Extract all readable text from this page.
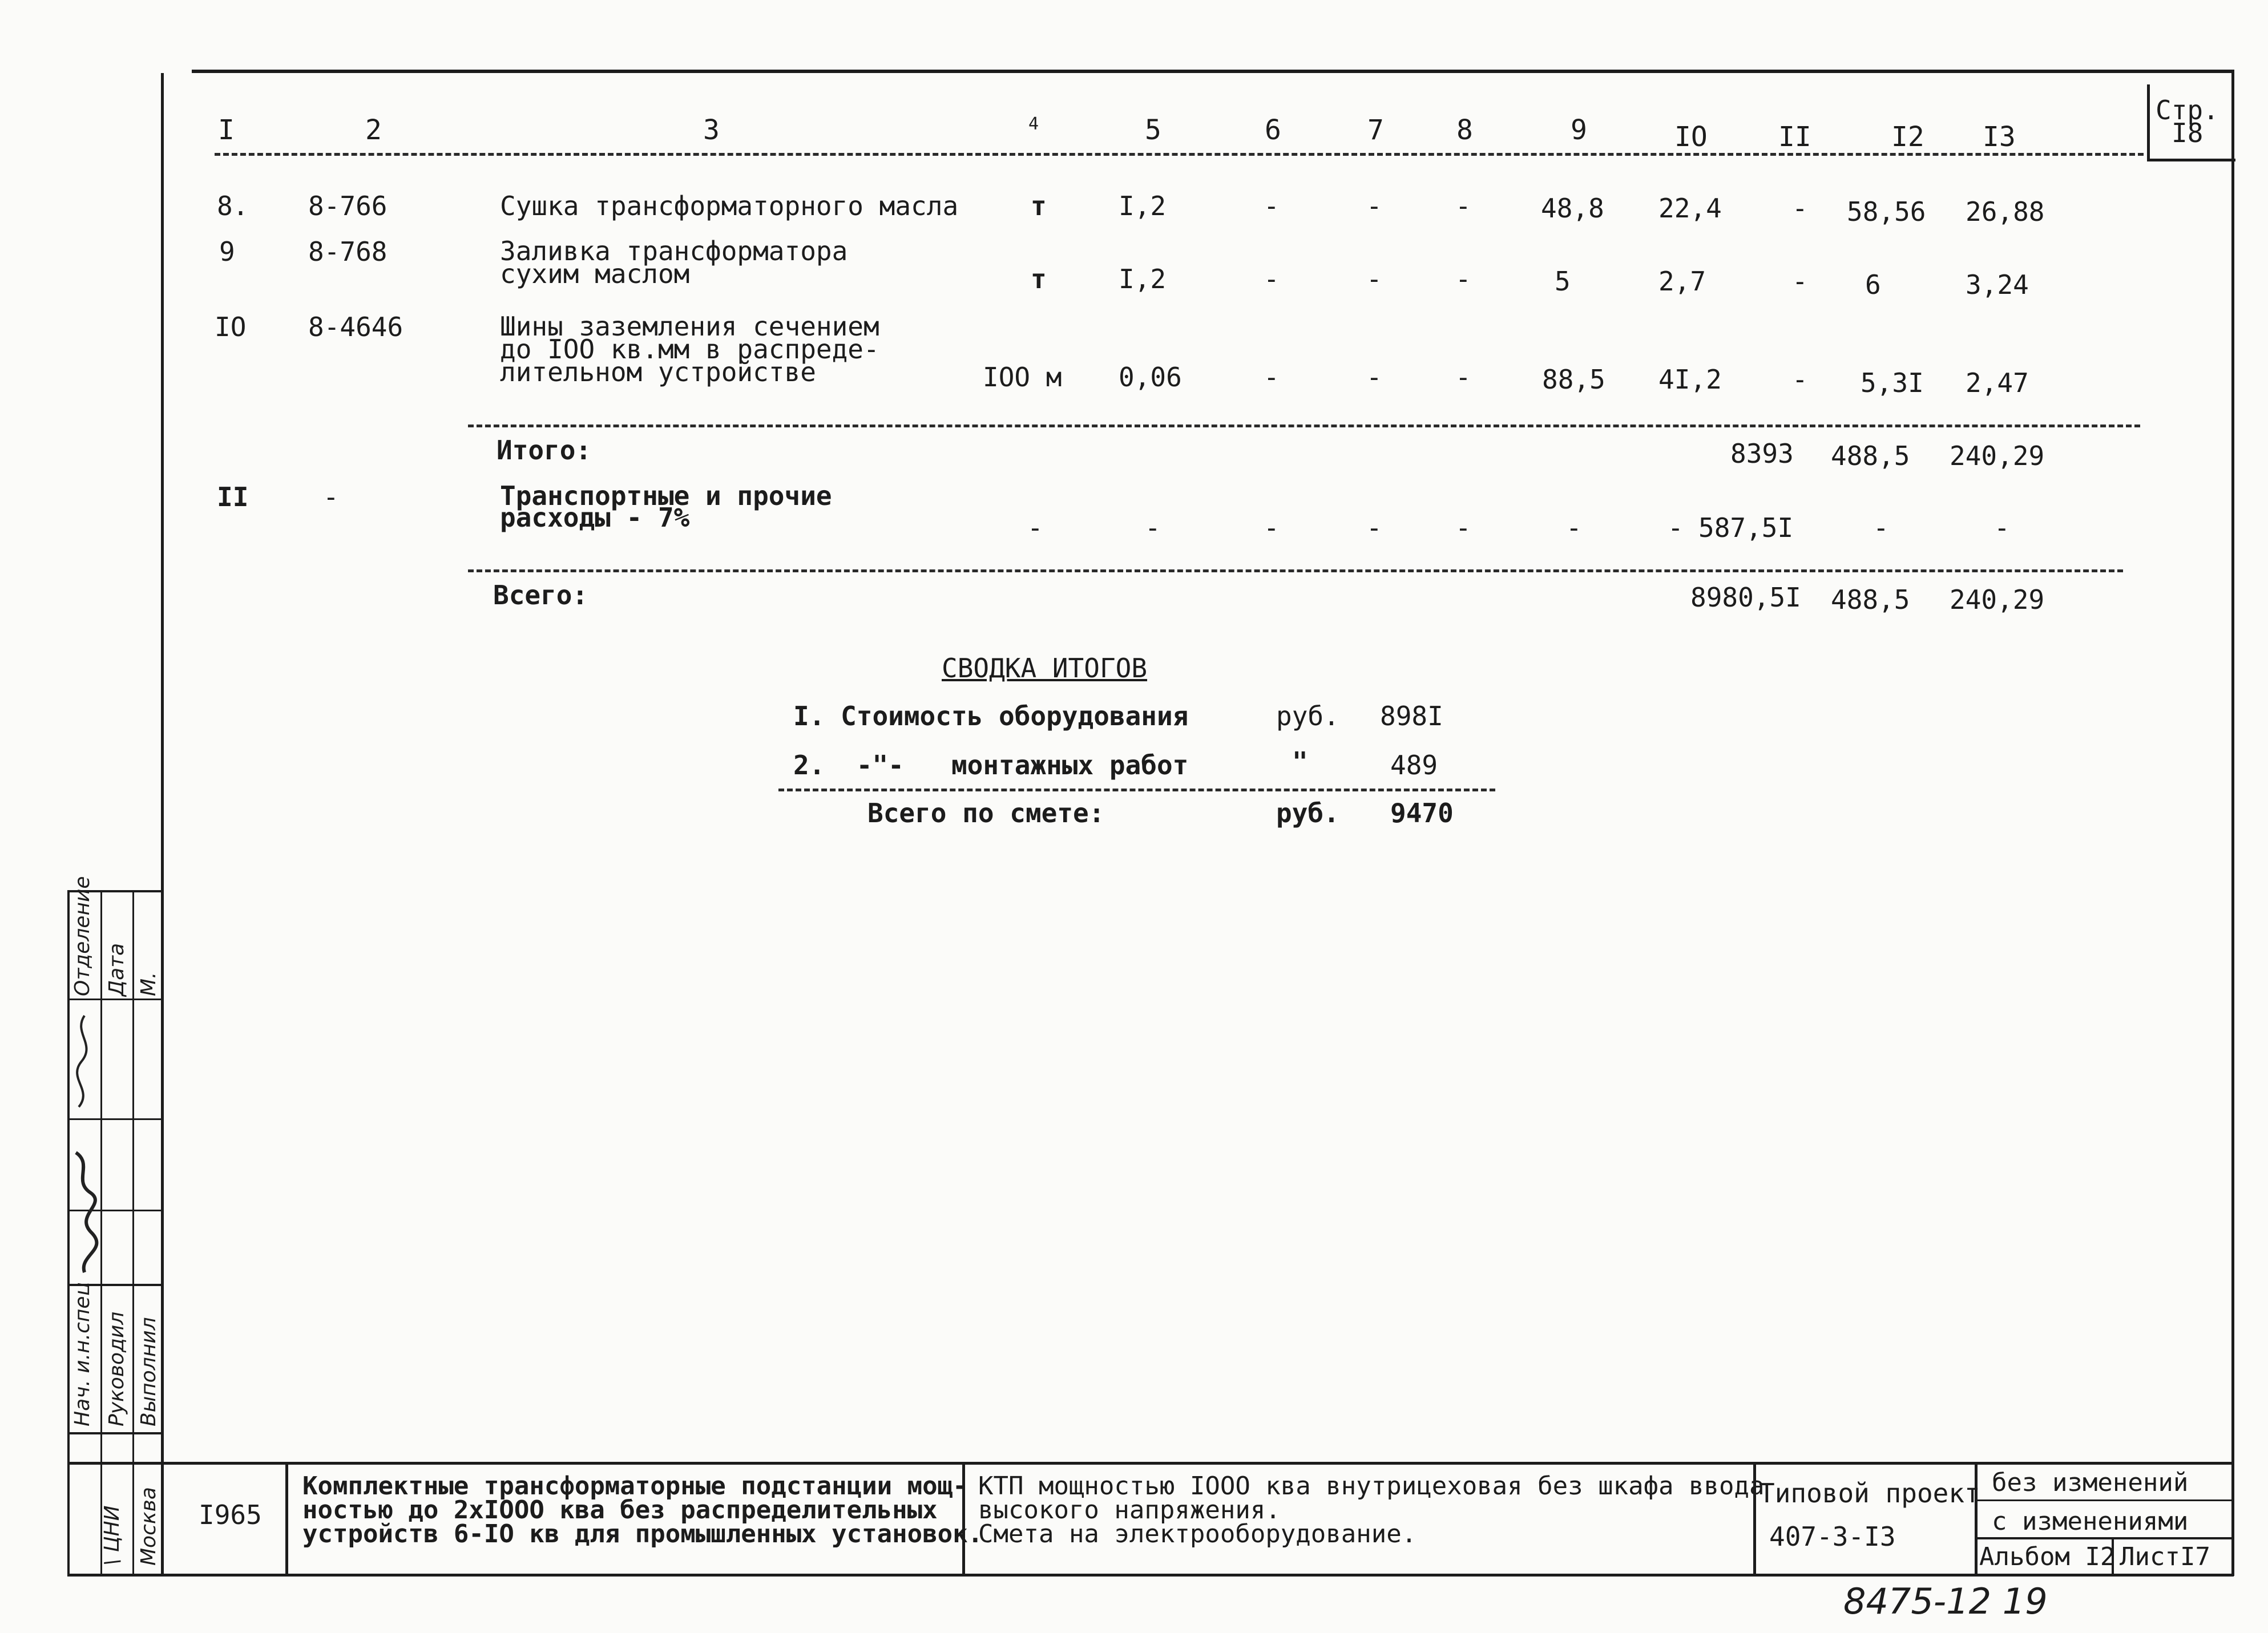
Стр.
I8
I	2	3	4	5	6	7	8	9	IO	II	I2 I3
8. 8-766	Сушка трансформаторного масла	т	I,2	-	-	-	48,8 22,4	- 58,56 26,88
9	8-768	Заливка трансформатора
сухим маслом	т	I,2	-	-	-	5	2,7	- 6	3,24
IO 8-4646	Шины заземления сечением
до IOO кв.мм в распреде-
лительном устройстве	IOO м 0,06	-	-	-	88,5 4I,2	- 5,3I 2,47
Итого:	8393 488,5 240,29
II	-	Транспортные и прочие
расходы - 7%	-	-	-	-	-	-	- 587,5I	-	-
Всего:	8980,5I 488,5 240,29
СВОДКА ИТОГОВ
I. Стоимость оборудования	руб. 898I
2.  -"-   монтажных работ	"	489
Всего по смете:	руб. 9470
Отделение Дата М.
Нач. и.н.спец Руководил Выполнил
\ ЦНИ Москва I965
Комплектные трансформаторные подстанции мощ-
ностью до 2хIOOO ква без распределительных
устройств 6-IO кв для промышленных установок.
КТП мощностью IOOO ква внутрицеховая без шкафа ввода
высокого напряжения.
Смета на электрооборудование.
Типовой проект
407-3-I3
без изменений
с изменениями
Альбом I2 ЛистI7
8475-12 19
